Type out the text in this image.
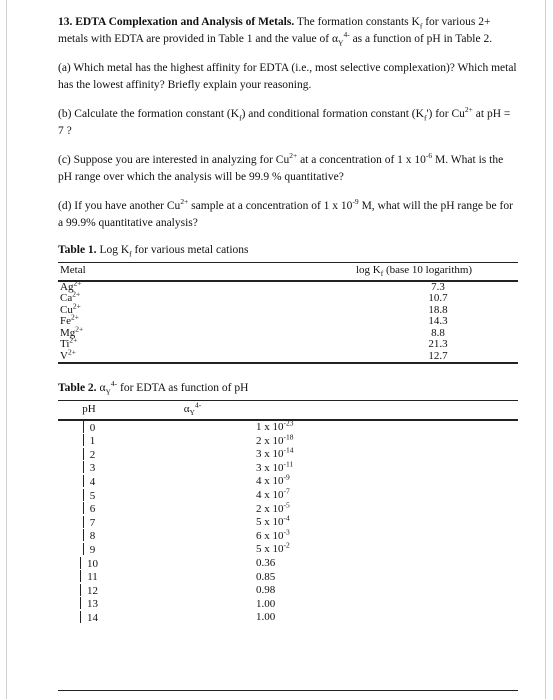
13. EDTA Complexation and Analysis of Metals. The formation constants $K_f$ for various 2+ metals with EDTA are provided in Table 1 and the value of $\alpha_Y^{4-}$ as a function of pH in Table 2.

(a) Which metal has the highest affinity for EDTA (i.e., most selective complexation)? Which metal has the lowest affinity? Briefly explain your reasoning.

(b) Calculate the formation constant $(K_f)$ and conditional formation constant $(K_f')$ for $Cu^{2+}$ at pH = 7 ?

(c) Suppose you are interested in analyzing for $Cu^{2+}$ at a concentration of 1 x $10^{-6}$ M. What is the pH range over which the analysis will be 99.9 % quantitative?

(d) If you have another $Cu^{2+}$ sample at a concentration of 1 x $10^{-9}$ M, what will the pH range be for a 99.9% quantitative analysis?

Table 1. Log $K_f$ for various metal cations
Metal	$\log K_f$ (base 10 logarithm)
$Ag^{2+}$	7.3
$Ca^{2+}$	10.7
$Cu^{2+}$	18.8
$Fe^{2+}$	14.3
$Mg^{2+}$	8.8
$Ti^{2+}$	21.3
$V^{2+}$	12.7
Table 2. $\alpha_Y^{4-}$ for EDTA as function of pH
pH	$\alpha_Y^{4-}$	
0	1 x $10^{-23}$
1	2 x $10^{-18}$
2	3 x $10^{-14}$
3	3 x $10^{-11}$
4	4 x $10^{-9}$
5	4 x $10^{-7}$
6	2 x $10^{-5}$
7	5 x $10^{-4}$
8	6 x $10^{-3}$
9	5 x $10^{-2}$
10	0.36	
11	0.85	
12	0.98	
13	1.00	
14	1.00	
